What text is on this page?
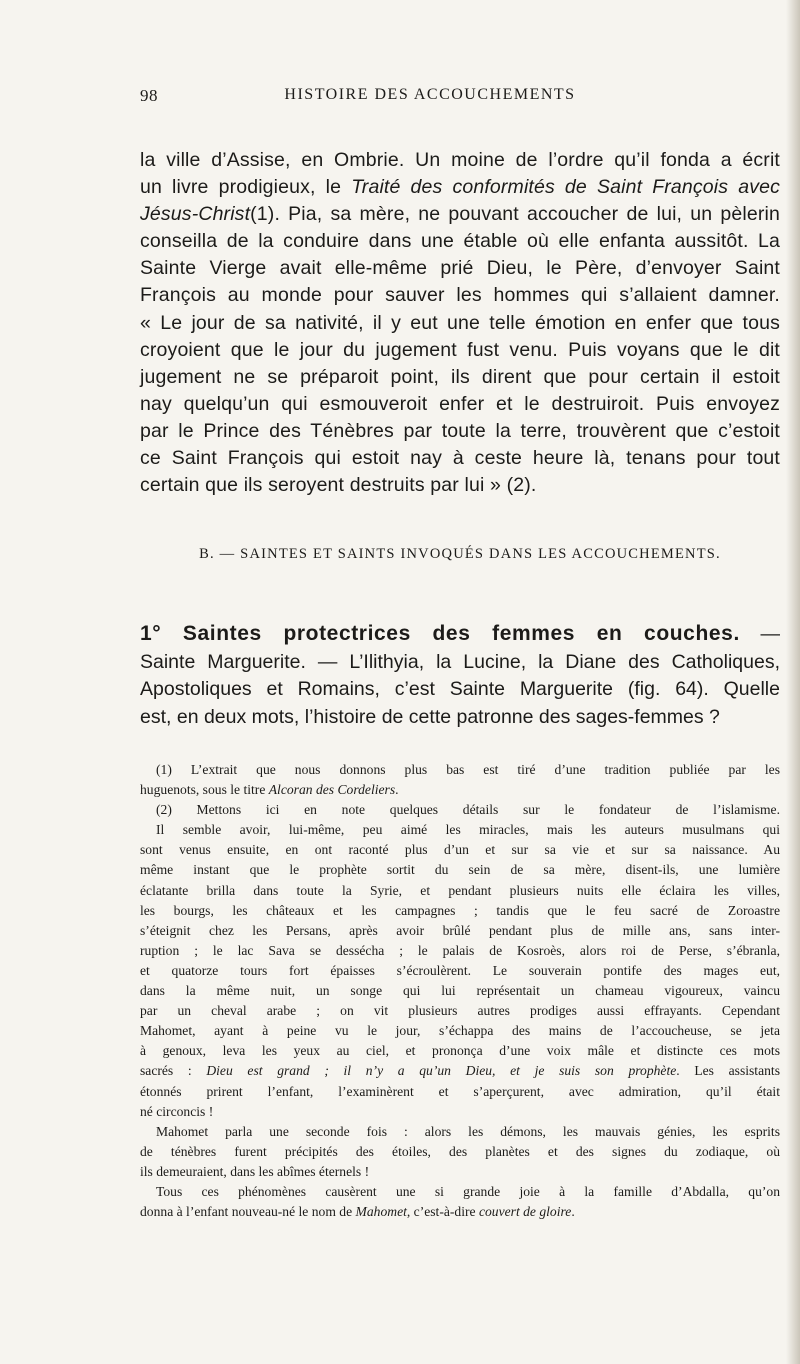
98	HISTOIRE DES ACCOUCHEMENTS
la ville d’Assise, en Ombrie. Un moine de l’ordre qu’il fonda a écrit
un livre prodigieux, le Traité des conformités de Saint François avec
Jésus-Christ(1). Pia, sa mère, ne pouvant accoucher de lui, un pèlerin
conseilla de la conduire dans une étable où elle enfanta aussitôt. La
Sainte Vierge avait elle-même prié Dieu, le Père, d’envoyer Saint
François au monde pour sauver les hommes qui s’allaient damner.
« Le jour de sa nativité, il y eut une telle émotion en enfer que tous
croyoient que le jour du jugement fust venu. Puis voyans que le dit
jugement ne se préparoit point, ils dirent que pour certain il estoit
nay quelqu’un qui esmouveroit enfer et le destruiroit. Puis envoyez
par le Prince des Ténèbres par toute la terre, trouvèrent que c’estoit
ce Saint François qui estoit nay à ceste heure là, tenans pour tout
certain que ils seroyent destruits par lui » (2).
B. — SAINTES ET SAINTS INVOQUÉS DANS LES ACCOUCHEMENTS.
1° Saintes protectrices des femmes en couches. —
Sainte Marguerite. — L’Ilithyia, la Lucine, la Diane des Catholiques,
Apostoliques et Romains, c’est Sainte Marguerite (fig. 64). Quelle
est, en deux mots, l’histoire de cette patronne des sages-femmes ?
(1) L’extrait que nous donnons plus bas est tiré d’une tradition publiée par les
huguenots, sous le titre Alcoran des Cordeliers.
(2) Mettons ici en note quelques détails sur le fondateur de l’islamisme.
Il semble avoir, lui-même, peu aimé les miracles, mais les auteurs musulmans qui
sont venus ensuite, en ont raconté plus d’un et sur sa vie et sur sa naissance. Au
même instant que le prophète sortit du sein de sa mère, disent-ils, une lumière
éclatante brilla dans toute la Syrie, et pendant plusieurs nuits elle éclaira les villes,
les bourgs, les châteaux et les campagnes ; tandis que le feu sacré de Zoroastre
s’éteignit chez les Persans, après avoir brûlé pendant plus de mille ans, sans inter-
ruption ; le lac Sava se dessécha ; le palais de Kosroès, alors roi de Perse, s’ébranla,
et quatorze tours fort épaisses s’écroulèrent. Le souverain pontife des mages eut,
dans la même nuit, un songe qui lui représentait un chameau vigoureux, vaincu
par un cheval arabe ; on vit plusieurs autres prodiges aussi effrayants. Cependant
Mahomet, ayant à peine vu le jour, s’échappa des mains de l’accoucheuse, se jeta
à genoux, leva les yeux au ciel, et prononça d’une voix mâle et distincte ces mots
sacrés : Dieu est grand ; il n’y a qu’un Dieu, et je suis son prophète. Les assistants
étonnés prirent l’enfant, l’examinèrent et s’aperçurent, avec admiration, qu’il était
né circoncis !
Mahomet parla une seconde fois : alors les démons, les mauvais génies, les esprits
de ténèbres furent précipités des étoiles, des planètes et des signes du zodiaque, où
ils demeuraient, dans les abîmes éternels !
Tous ces phénomènes causèrent une si grande joie à la famille d’Abdalla, qu’on
donna à l’enfant nouveau-né le nom de Mahomet, c’est-à-dire couvert de gloire.
